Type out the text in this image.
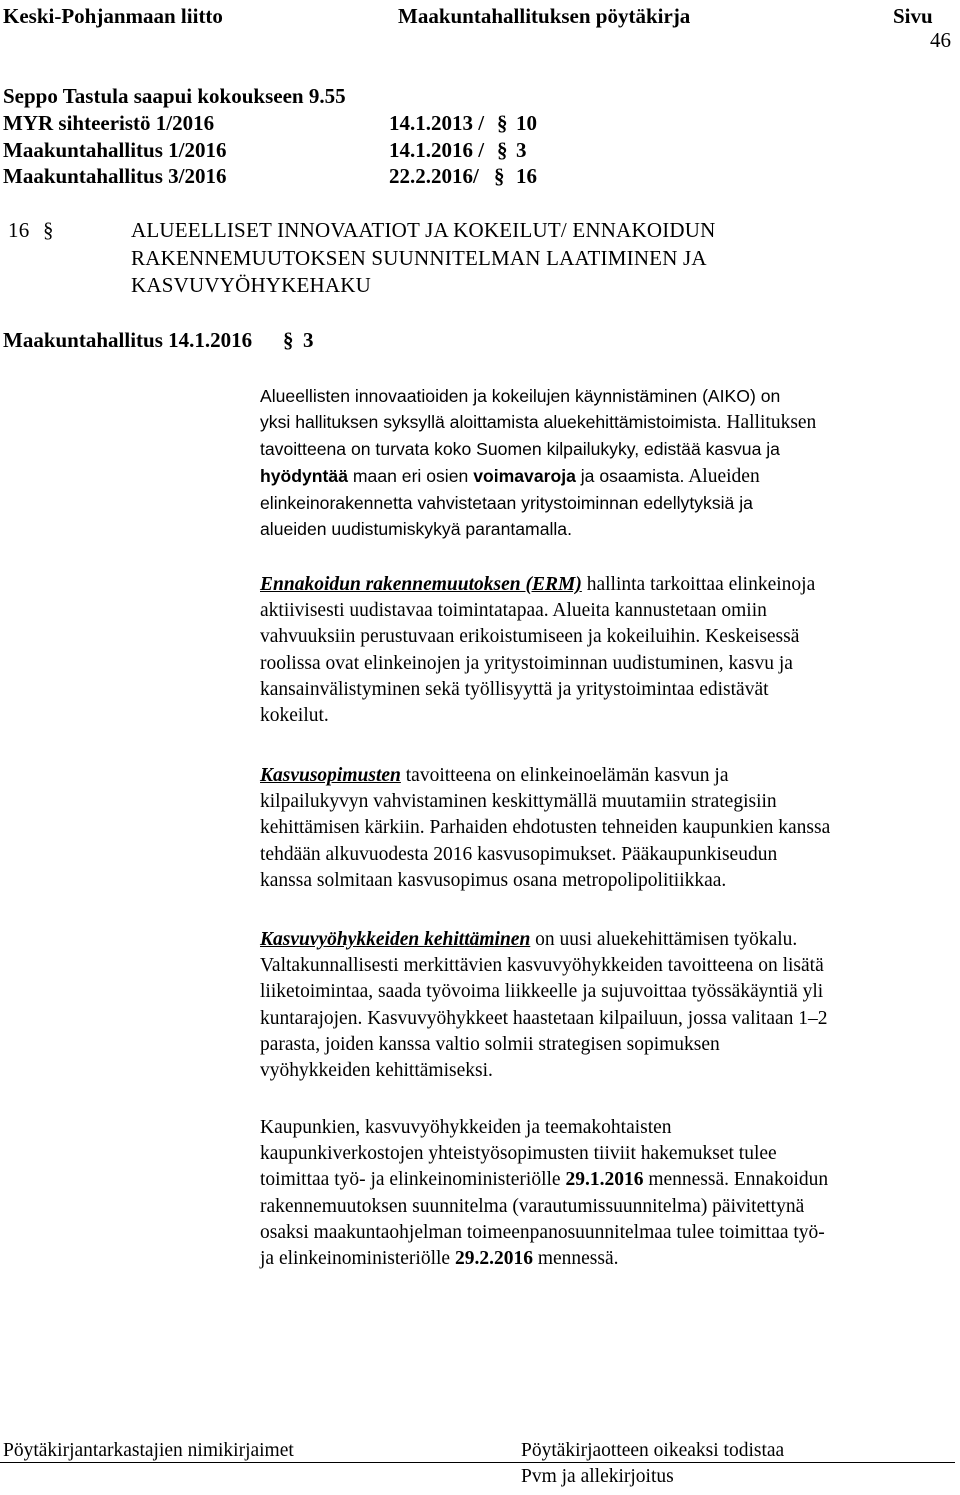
Keski-Pohjanmaan liitto	Maakuntahallituksen pöytäkirja	Sivu
46
Seppo Tastula saapui kokoukseen 9.55
MYR sihteeristö 1/2016	14.1.2013 / § 10
Maakuntahallitus 1/2016	14.1.2016 / § 3
Maakuntahallitus 3/2016	22.2.2016/ § 16
16 §	ALUEELLISET INNOVAATIOT JA KOKEILUT/ ENNAKOIDUN
RAKENNEMUUTOKSEN SUUNNITELMAN LAATIMINEN JA
KASVUVYÖHYKEHAKU
Maakuntahallitus 14.1.2016 § 3
Alueellisten innovaatioiden ja kokeilujen käynnistäminen (AIKO) on
yksi hallituksen syksyllä aloittamista aluekehittämistoimista. Hallituksen
tavoitteena on turvata koko Suomen kilpailukyky, edistää kasvua ja
hyödyntää maan eri osien voimavaroja ja osaamista. Alueiden
elinkeinorakennetta vahvistetaan yritystoiminnan edellytyksiä ja
alueiden uudistumiskykyä parantamalla.
Ennakoidun rakennemuutoksen (ERM) hallinta tarkoittaa elinkeinoja
aktiivisesti uudistavaa toimintatapaa. Alueita kannustetaan omiin
vahvuuksiin perustuvaan erikoistumiseen ja kokeiluihin. Keskeisessä
roolissa ovat elinkeinojen ja yritystoiminnan uudistuminen, kasvu ja
kansainvälistyminen sekä työllisyyttä ja yritystoimintaa edistävät
kokeilut.
Kasvusopimusten tavoitteena on elinkeinoelämän kasvun ja
kilpailukyvyn vahvistaminen keskittymällä muutamiin strategisiin
kehittämisen kärkiin. Parhaiden ehdotusten tehneiden kaupunkien kanssa
tehdään alkuvuodesta 2016 kasvusopimukset. Pääkaupunkiseudun
kanssa solmitaan kasvusopimus osana metropolipolitiikkaa.
Kasvuvyöhykkeiden kehittäminen on uusi aluekehittämisen työkalu.
Valtakunnallisesti merkittävien kasvuvyöhykkeiden tavoitteena on lisätä
liiketoimintaa, saada työvoima liikkeelle ja sujuvoittaa työssäkäyntiä yli
kuntarajojen. Kasvuvyöhykkeet haastetaan kilpailuun, jossa valitaan 1–2
parasta, joiden kanssa valtio solmii strategisen sopimuksen
vyöhykkeiden kehittämiseksi.
Kaupunkien, kasvuvyöhykkeiden ja teemakohtaisten
kaupunkiverkostojen yhteistyösopimusten tiiviit hakemukset tulee
toimittaa työ- ja elinkeinoministeriölle 29.1.2016 mennessä. Ennakoidun
rakennemuutoksen suunnitelma (varautumissuunnitelma) päivitettynä
osaksi maakuntaohjelman toimeenpanosuunnitelmaa tulee toimittaa työ-
ja elinkeinoministeriölle 29.2.2016 mennessä.
Pöytäkirjantarkastajien nimikirjaimet	Pöytäkirjaotteen oikeaksi todistaa
Pvm ja allekirjoitus
